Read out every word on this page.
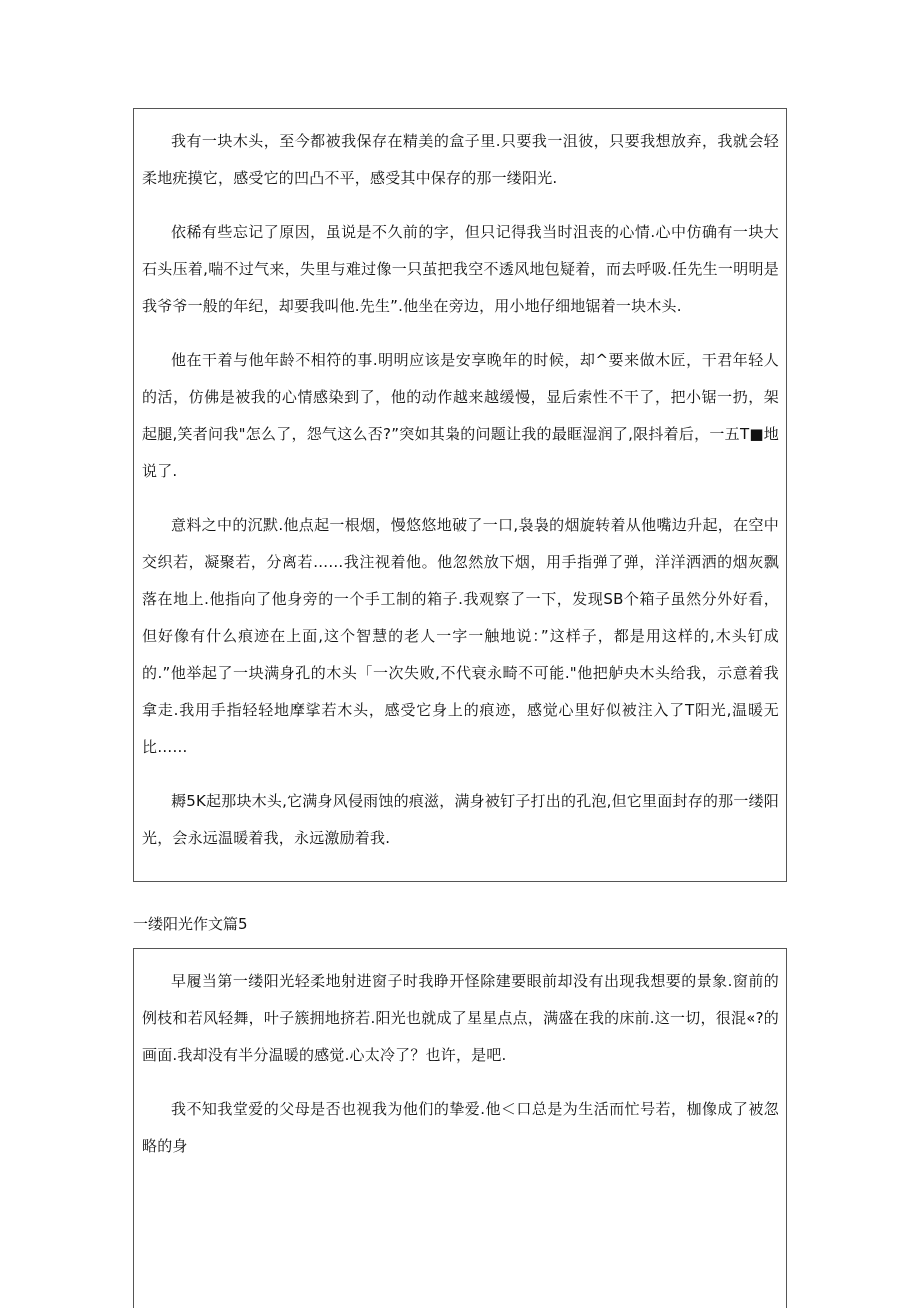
我有一块木头，至今都被我保存在精美的盒子里.只要我一沮彼，只要我想放弃，我就会轻柔地疣摸它，感受它的凹凸不平，感受其中保存的那一缕阳光.

依稀有些忘记了原因，虽说是不久前的字，但只记得我当时沮丧的心情.心中仿确有一块大石头压着,喘不过气来，失里与难过像一只茧把我空不透风地包疑着，而去呼吸.任先生一明明是我爷爷一般的年纪，却要我叫他.先生”.他坐在旁边，用小地仔细地锯着一块木头.

他在干着与他年龄不相符的事.明明应该是安享晚年的时候，却^要来做木匠，干君年轻人的活，仿佛是被我的心情感染到了，他的动作越来越缓慢，显后索性不干了，把小锯一扔，架起腿,笑者问我"怎么了，怨气这么否?”突如其枭的问题让我的最眶湿润了,限抖着后，一五T■地说了.

意料之中的沉默.他点起一根烟，慢悠悠地破了一口,袅袅的烟旋转着从他嘴边升起，在空中交织若，凝聚若，分离若……我注视着他。他忽然放下烟，用手指弹了弹，洋洋洒洒的烟灰飘落在地上.他指向了他身旁的一个手工制的箱子.我观察了一下，发现SB个箱子虽然分外好看，但好像有什么痕迹在上面,这个智慧的老人一字一触地说：”这样子，都是用这样的,木头钉成的.”他举起了一块满身孔的木头「一次失败,不代衰永畸不可能."他把舻央木头给我，示意着我拿走.我用手指轻轻地摩挲若木头，感受它身上的痕迹，感觉心里好似被注入了T阳光,温暖无比……

耨5K起那块木头,它满身风侵雨蚀的痕滋，满身被钉子打出的孔泡,但它里面封存的那一缕阳光，会永远温暖着我，永远激励着我.

一缕阳光作文篇5

早履当第一缕阳光轻柔地射进窗子时我睁开怪除建要眼前却没有出现我想要的景象.窗前的例枝和若风轻舞，叶子簇拥地挤若.阳光也就成了星星点点，满盛在我的床前.这一切，很混«?的画面.我却没有半分温暖的感觉.心太冷了？也许，是吧.

我不知我堂爱的父母是否也视我为他们的挚爱.他＜口总是为生活而忙号若，枷像成了被忽略的身
